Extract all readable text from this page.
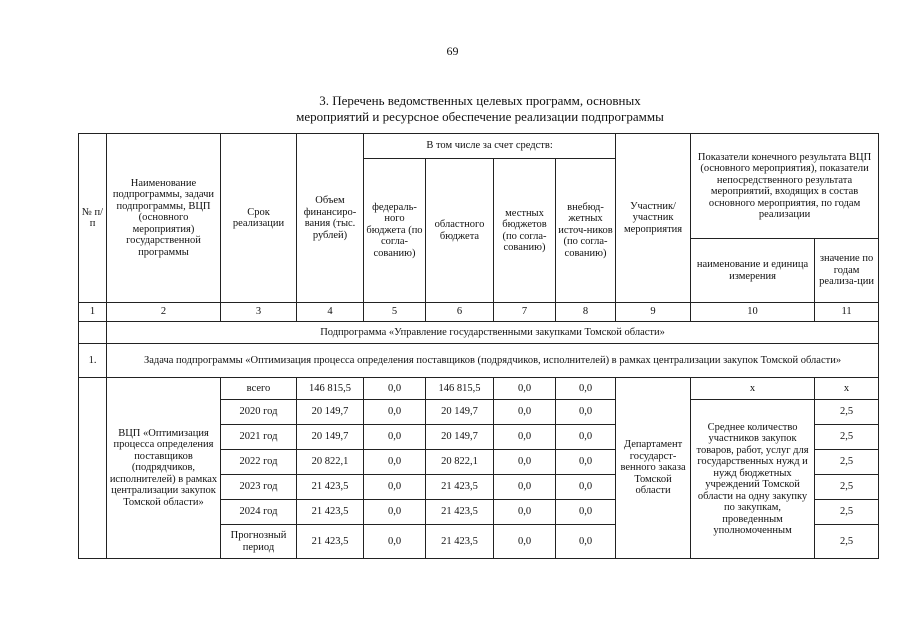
69
3. Перечень ведомственных целевых программ, основных
мероприятий и ресурсное обеспечение реализации подпрограммы
№ п/п	Наименование подпрограммы, задачи подпрограммы, ВЦП (основного мероприятия) государственной программы	Срок реализации	Объем финансиро-вания (тыс. рублей)	В том числе за счет средств:				Участник/ участник мероприятия	Показатели конечного результата ВЦП (основного мероприятия), показатели непосредственного результата мероприятий, входящих в состав основного мероприятия, по годам реализации	
				федераль-ного бюджета (по согла-сованию)	областного бюджета	местных бюджетов (по согла-сованию)	внебюд-жетных источ-ников (по согла-сованию)			
									наименование и единица измерения	значение по годам реализа-ции
1	2	3	4	5	6	7	8	9	10	11
	Подпрограмма «Управление государственными закупками Томской области»									
1.	Задача подпрограммы «Оптимизация процесса определения поставщиков (подрядчиков, исполнителей) в рамках централизации закупок Томской области»									
	ВЦП «Оптимизация процесса определения поставщиков (подрядчиков, исполнителей) в рамках централизации закупок Томской области»	всего	146 815,5	0,0	146 815,5	0,0	0,0	Департамент государст-венного заказа Томской области	x	x
		2020 год	20 149,7	0,0	20 149,7	0,0	0,0		Среднее количество участников закупок товаров, работ, услуг для государственных нужд и нужд бюджетных учреждений Томской области на одну закупку по закупкам, проведенным уполномоченным	2,5
		2021 год	20 149,7	0,0	20 149,7	0,0	0,0			2,5
		2022 год	20 822,1	0,0	20 822,1	0,0	0,0			2,5
		2023 год	21 423,5	0,0	21 423,5	0,0	0,0			2,5
		2024 год	21 423,5	0,0	21 423,5	0,0	0,0			2,5
		Прогнозный период	21 423,5	0,0	21 423,5	0,0	0,0			2,5
